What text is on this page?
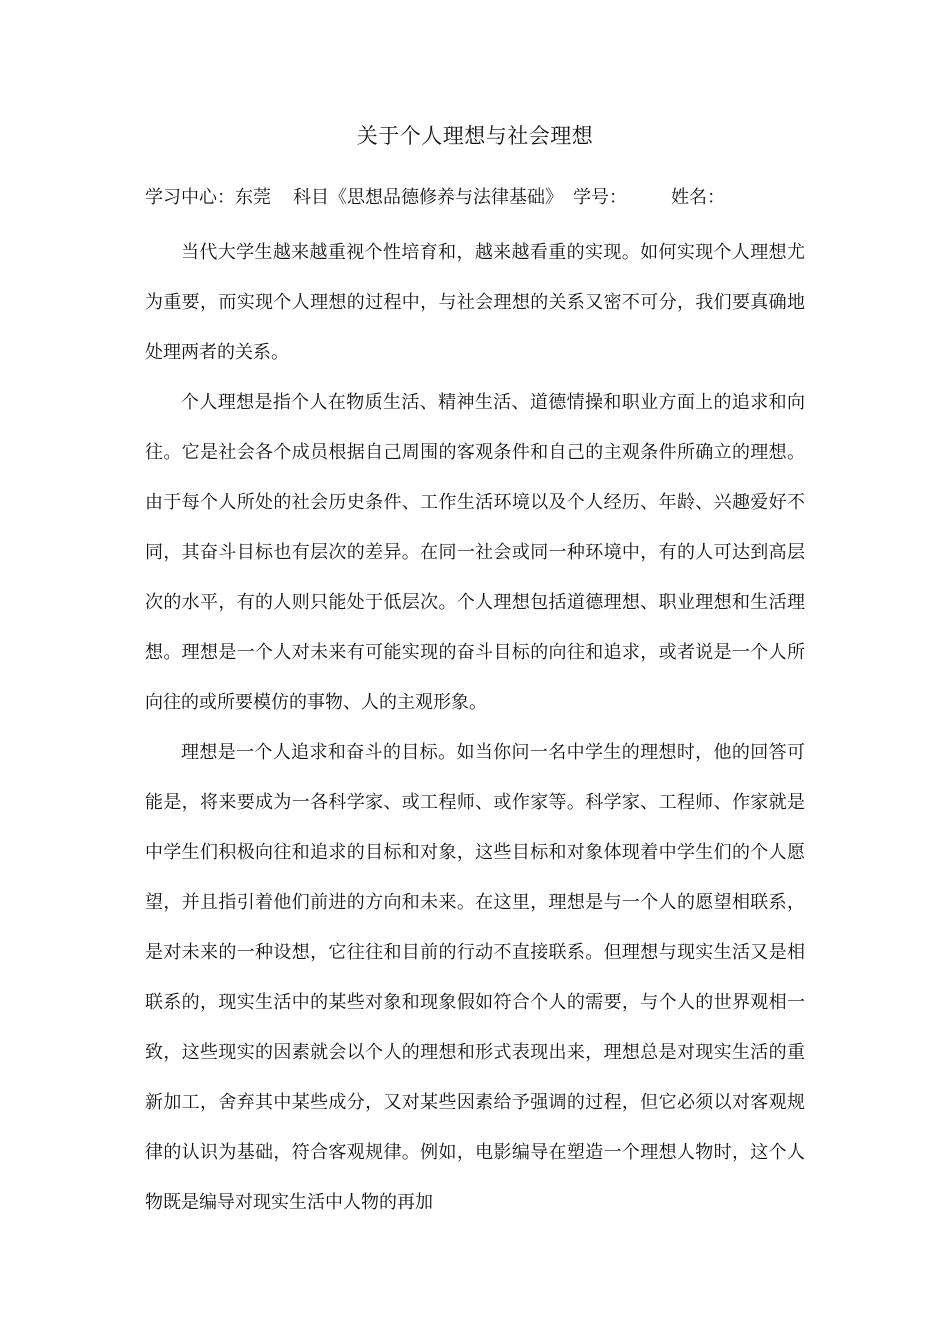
关于个人理想与社会理想
学习中心：东莞 科目《思想品德修养与法律基础》 学号： 姓名：

当代大学生越来越重视个性培育和，越来越看重的实现。如何实现个人理想尤为重要，而实现个人理想的过程中，与社会理想的关系又密不可分，我们要真确地处理两者的关系。

个人理想是指个人在物质生活、精神生活、道德情操和职业方面上的追求和向往。它是社会各个成员根据自己周围的客观条件和自己的主观条件所确立的理想。由于每个人所处的社会历史条件、工作生活环境以及个人经历、年龄、兴趣爱好不同，其奋斗目标也有层次的差异。在同一社会或同一种环境中，有的人可达到高层次的水平，有的人则只能处于低层次。个人理想包括道德理想、职业理想和生活理想。理想是一个人对未来有可能实现的奋斗目标的向往和追求，或者说是一个人所向往的或所要模仿的事物、人的主观形象。

理想是一个人追求和奋斗的目标。如当你问一名中学生的理想时，他的回答可能是，将来要成为一各科学家、或工程师、或作家等。科学家、工程师、作家就是中学生们积极向往和追求的目标和对象，这些目标和对象体现着中学生们的个人愿望，并且指引着他们前进的方向和未来。在这里，理想是与一个人的愿望相联系，是对未来的一种设想，它往往和目前的行动不直接联系。但理想与现实生活又是相联系的，现实生活中的某些对象和现象假如符合个人的需要，与个人的世界观相一致，这些现实的因素就会以个人的理想和形式表现出来，理想总是对现实生活的重新加工，舍弃其中某些成分，又对某些因素给予强调的过程，但它必须以对客观规律的认识为基础，符合客观规律。例如，电影编导在塑造一个理想人物时，这个人物既是编导对现实生活中人物的再加
